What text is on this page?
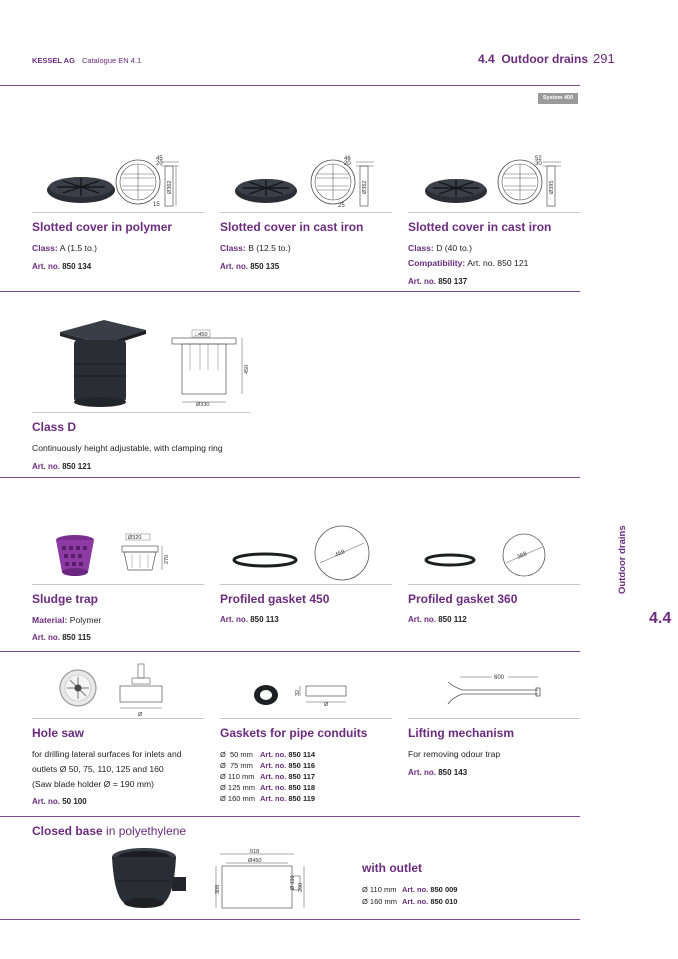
KESSEL AG Catalogue EN 4.1	4.4  Outdoor drains 291
System 400
Outdoor drains
4.4
45
20
Ø362
15
Slotted cover in polymer
Class: A (1.5 to.)
Art. no. 850 134
46
20
Ø362
25
Slotted cover in cast iron
Class: B (12.5 to.)
Art. no. 850 135
52
30
Ø395
Slotted cover in cast iron
Class: D (40 to.)
Compatibility: Art. no. 850 121
Art. no. 850 137
□450
450
Ø330
Class D
Continuously height adjustable, with clamping ring
Art. no. 850 121
Ø320
270
Sludge trap
Material: Polymer
Art. no. 850 115
458
Profiled gasket 450
Art. no. 850 113
368
Profiled gasket 360
Art. no. 850 112
Ø
Hole saw
for drilling lateral surfaces for inlets and
outlets Ø 50, 75, 110, 125 and 160
(Saw blade holder Ø = 190 mm)
Art. no. 50 100
32
Ø
Gaskets for pipe conduits
Ø  50 mm Art. no. 850 114
Ø  75 mm Art. no. 850 116
Ø 110 mm Art. no. 850 117
Ø 125 mm Art. no. 850 118
Ø 160 mm Art. no. 850 119
600
Lifting mechanism
For removing odour trap
Art. no. 850 143
Closed base in polyethylene
518
Ø450
308	Ø 110 290
with outlet
Ø 110 mm Art. no. 850 009
Ø 160 mm Art. no. 850 010
